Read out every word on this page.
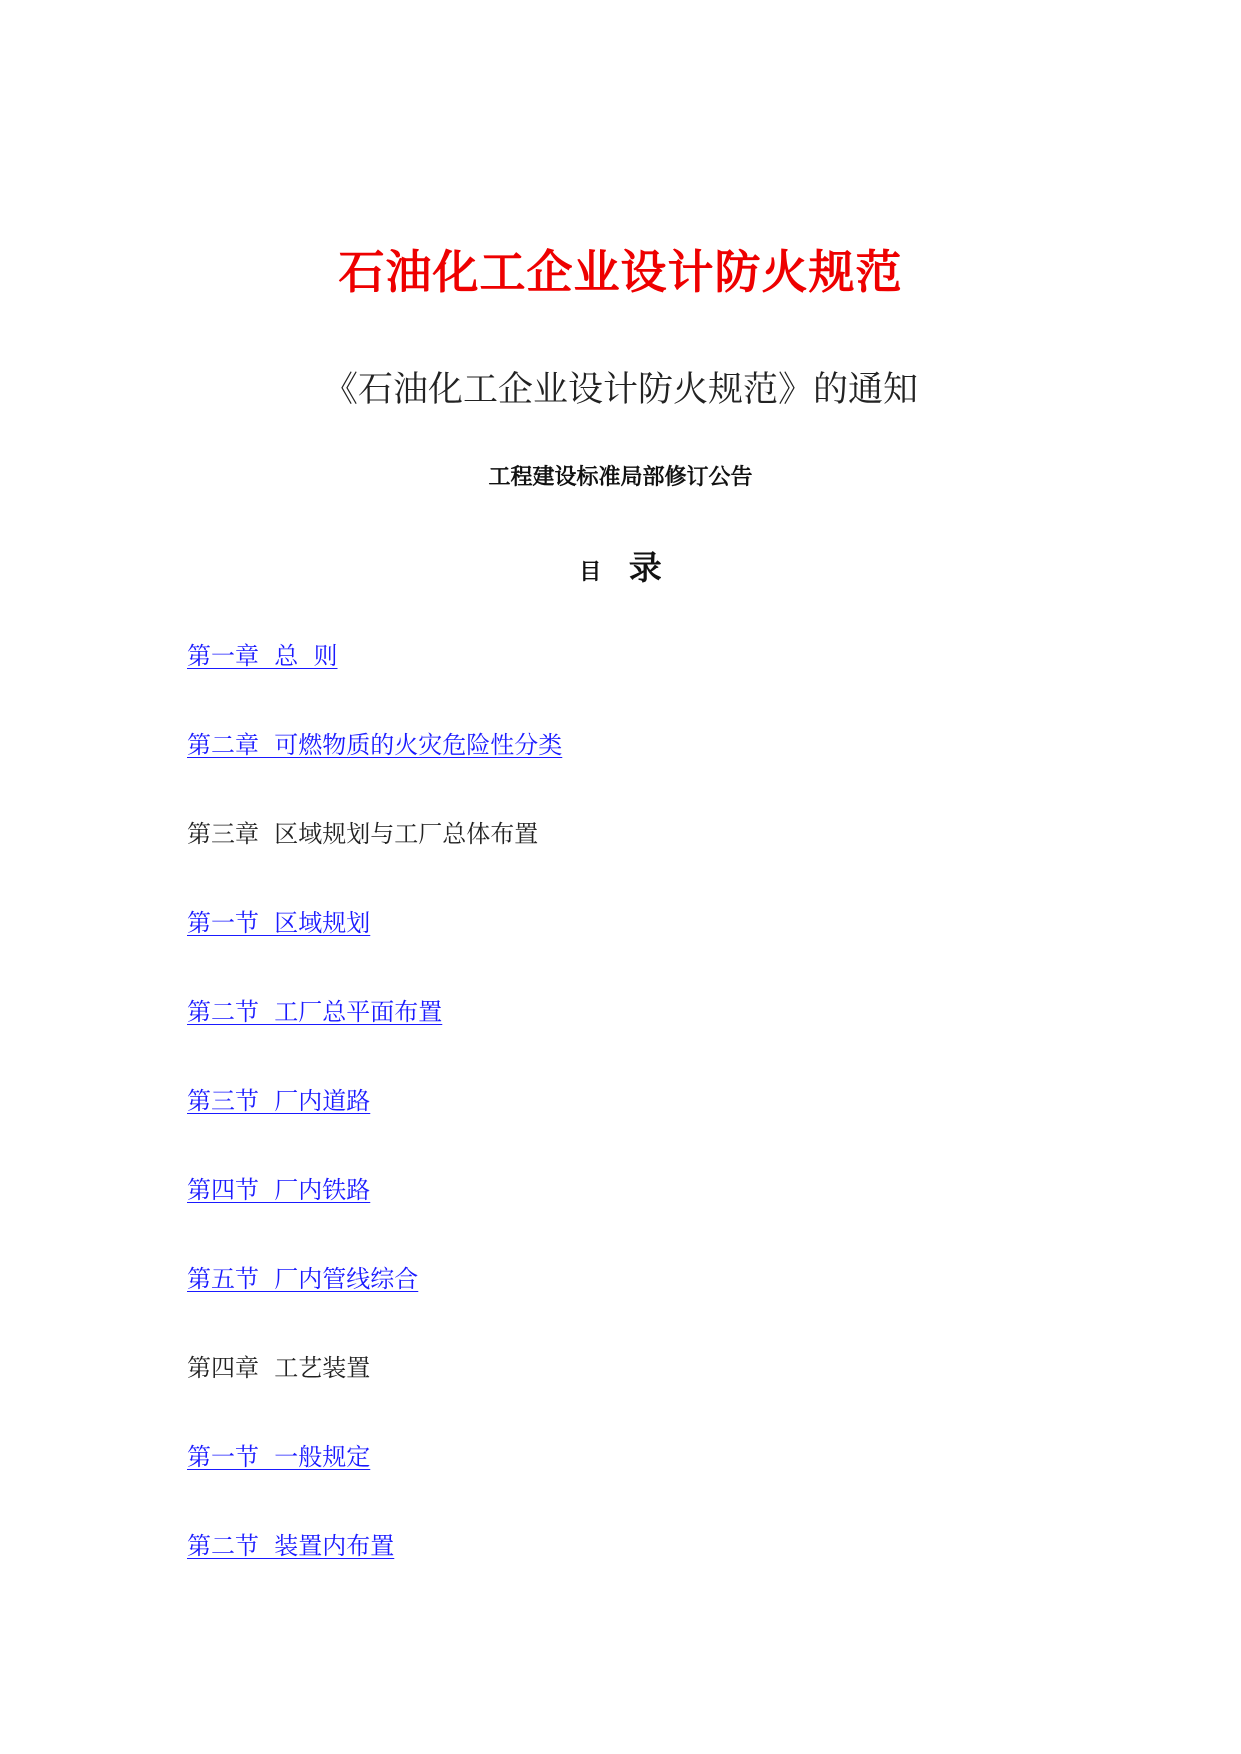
石油化工企业设计防火规范
《石油化工企业设计防火规范》的通知
工程建设标准局部修订公告
目 录
第一章  总  则
第二章  可燃物质的火灾危险性分类
第三章  区域规划与工厂总体布置
第一节  区域规划
第二节  工厂总平面布置
第三节  厂内道路
第四节  厂内铁路
第五节  厂内管线综合
第四章  工艺装置
第一节  一般规定
第二节  装置内布置
